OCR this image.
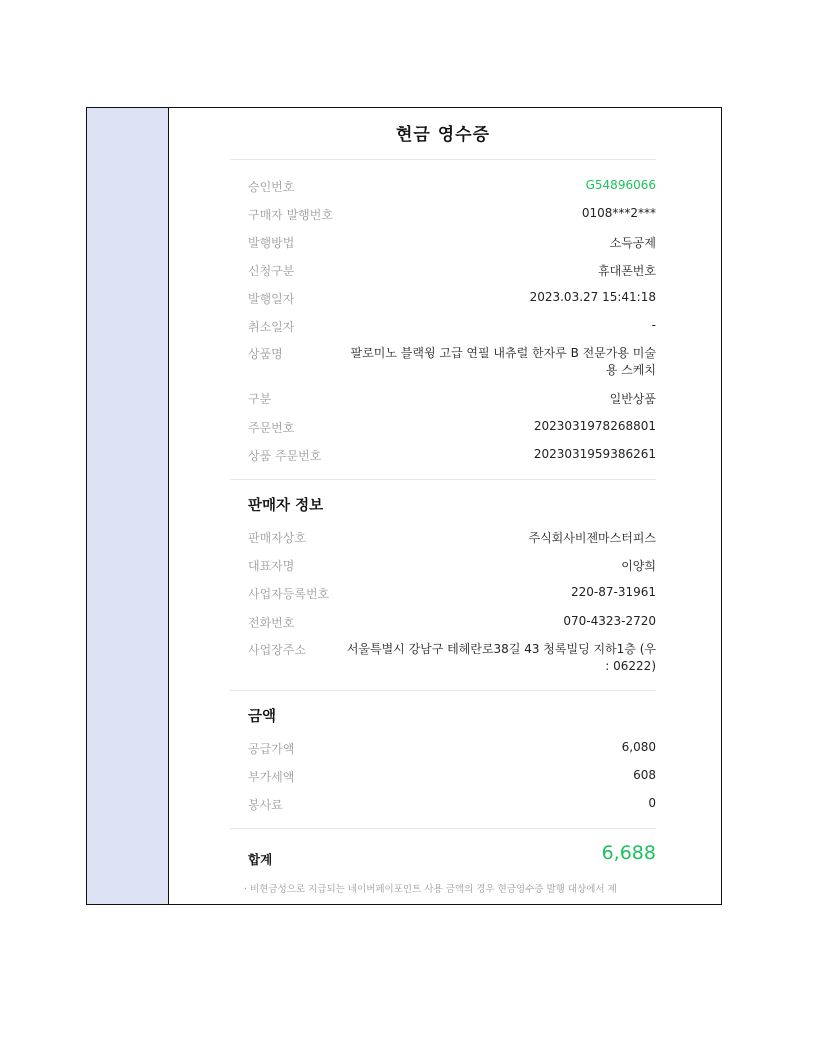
현금 영수증
승인번호	G54896066
구매자 발행번호	0108***2***
발행방법	소득공제
신청구분	휴대폰번호
발행일자	2023.03.27 15:41:18
취소일자	-
상품명	팔로미노 블랙윙 고급 연필 내츄럴 한자루 B 전문가용 미술용 스케치
구분	일반상품
주문번호	2023031978268801
상품 주문번호	2023031959386261
판매자 정보
판매자상호	주식회사비젠마스터피스
대표자명	이양희
사업자등록번호	220-87-31961
전화번호	070-4323-2720
사업장주소	서울특별시 강남구 테헤란로38길 43 청록빌딩 지하1층 (우 : 06222)
금액
공급가액	6,080
부가세액	608
봉사료	0
합계	6,688
· 비현금성으로 지급되는 네이버페이포인트 사용 금액의 경우 현금영수증 발행 대상에서 제
